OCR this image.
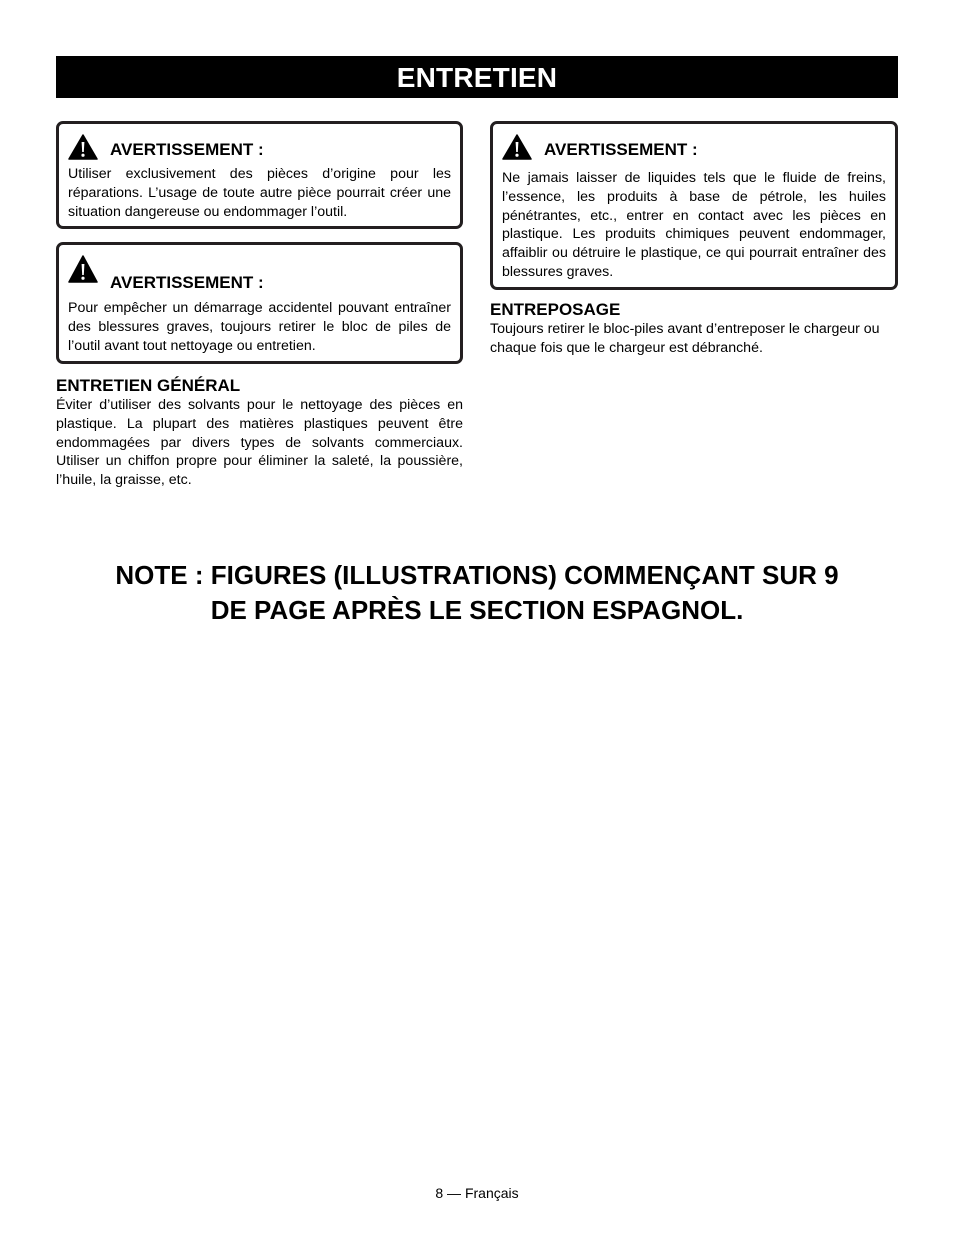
ENTRETIEN
AVERTISSEMENT :
Utiliser exclusivement des pièces d’origine pour les réparations. L’usage de toute autre pièce pourrait créer une situation dangereuse ou endommager l’outil.
AVERTISSEMENT :
Pour empêcher un démarrage accidentel pouvant entraîner des blessures graves, toujours retirer le bloc de piles de l’outil avant tout nettoyage ou entretien.
ENTRETIEN GÉNÉRAL

Éviter d’utiliser des solvants pour le nettoyage des pièces en plastique. La plupart des matières plastiques peuvent être endommagées par divers types de solvants commerciaux. Utiliser un chiffon propre pour éliminer la saleté, la poussière, l’huile, la graisse, etc.

AVERTISSEMENT :
Ne jamais laisser de liquides tels que le fluide de freins, l’essence, les produits à base de pétrole, les huiles pénétrantes, etc., entrer en contact avec les pièces en plastique. Les produits chimiques peuvent endommager, affaiblir ou détruire le plastique, ce qui pourrait entraîner des blessures graves.
ENTREPOSAGE

Toujours retirer le bloc-piles avant d’entreposer le chargeur ou chaque fois que le chargeur est débranché.

NOTE : FIGURES (ILLUSTRATIONS) COMMENÇANT SUR 9
DE PAGE APRÈS LE SECTION ESPAGNOL.
8 — Français
